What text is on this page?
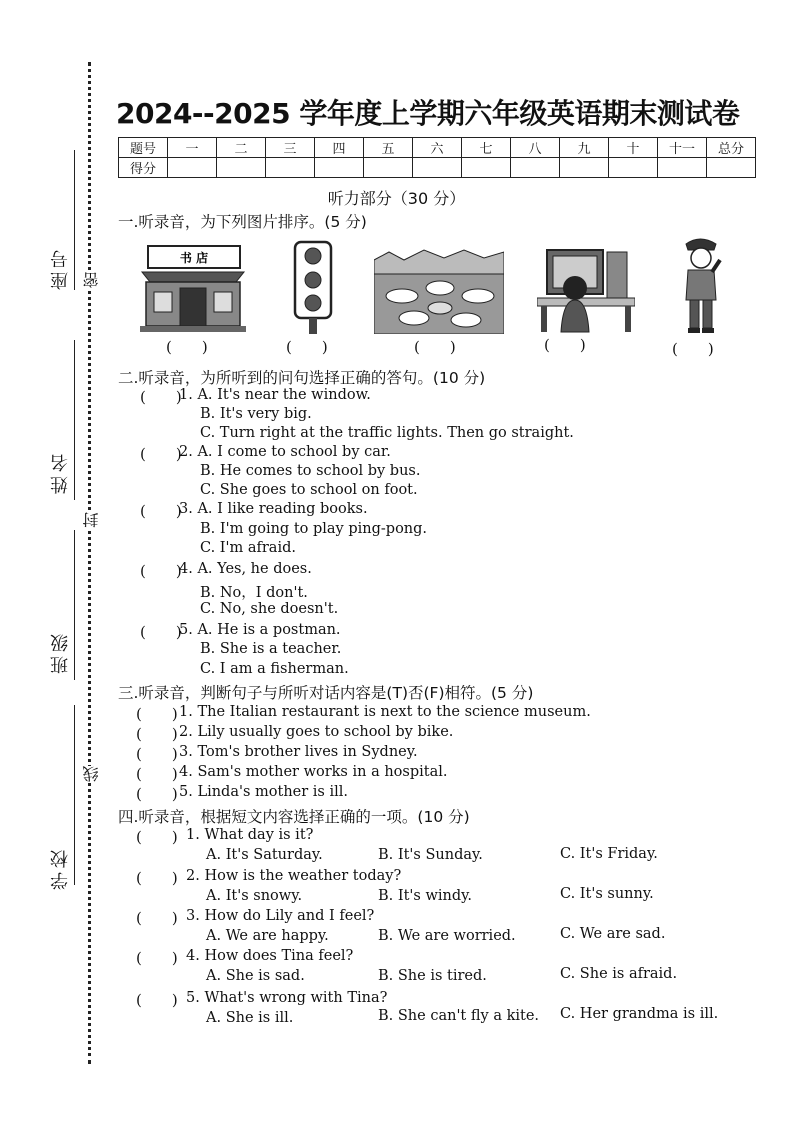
座号
姓名
班级
学校
密
封
线
2024--2025 学年度上学期六年级英语期末测试卷
题号	一	二	三	四	五	六	七	八	九	十	十一	总分
得分												
听力部分（30 分）
一.听录音，为下列图片排序。(5 分)
书 店
(　　)	(　　)	(　　)	(　　)	(　　)
二.听录音，为所听到的问句选择正确的答句。(10 分)
(　　)
1. A. It's near the window.
B. It's very big.
C. Turn right at the traffic lights. Then go straight.
(　　)
2. A. I come to school by car.
B. He comes to school by bus.
C. She goes to school on foot.
(　　)
3. A. I like reading books.
B. I'm going to play ping-pong.
C. I'm afraid.
(　　)
4. A. Yes, he does.
B. No，I don't.
C. No, she doesn't.
(　　)
5. A. He is a postman.
B. She is a teacher.
C. I am a fisherman.
三.听录音，判断句子与所听对话内容是(T)否(F)相符。(5 分)
(　　) 1. The Italian restaurant is next to the science museum.
(　　) 2. Lily usually goes to school by bike.
(　　) 3. Tom's brother lives in Sydney.
(　　) 4. Sam's mother works in a hospital.
(　　) 5. Linda's mother is ill.
四.听录音，根据短文内容选择正确的一项。(10 分)
(　　) 1. What day is it?
A. It's Saturday.	B. It's Sunday.	C. It's Friday.
(　　) 2. How is the weather today?
A. It's snowy.	B. It's windy.	C. It's sunny.
(　　) 3. How do Lily and I feel?
A. We are happy.	B. We are worried.	C. We are sad.
(　　) 4. How does Tina feel?
A. She is sad.	B. She is tired.	C. She is afraid.
(　　) 5. What's wrong with Tina?
A. She is ill.	B. She can't fly a kite. C. Her grandma is ill.
